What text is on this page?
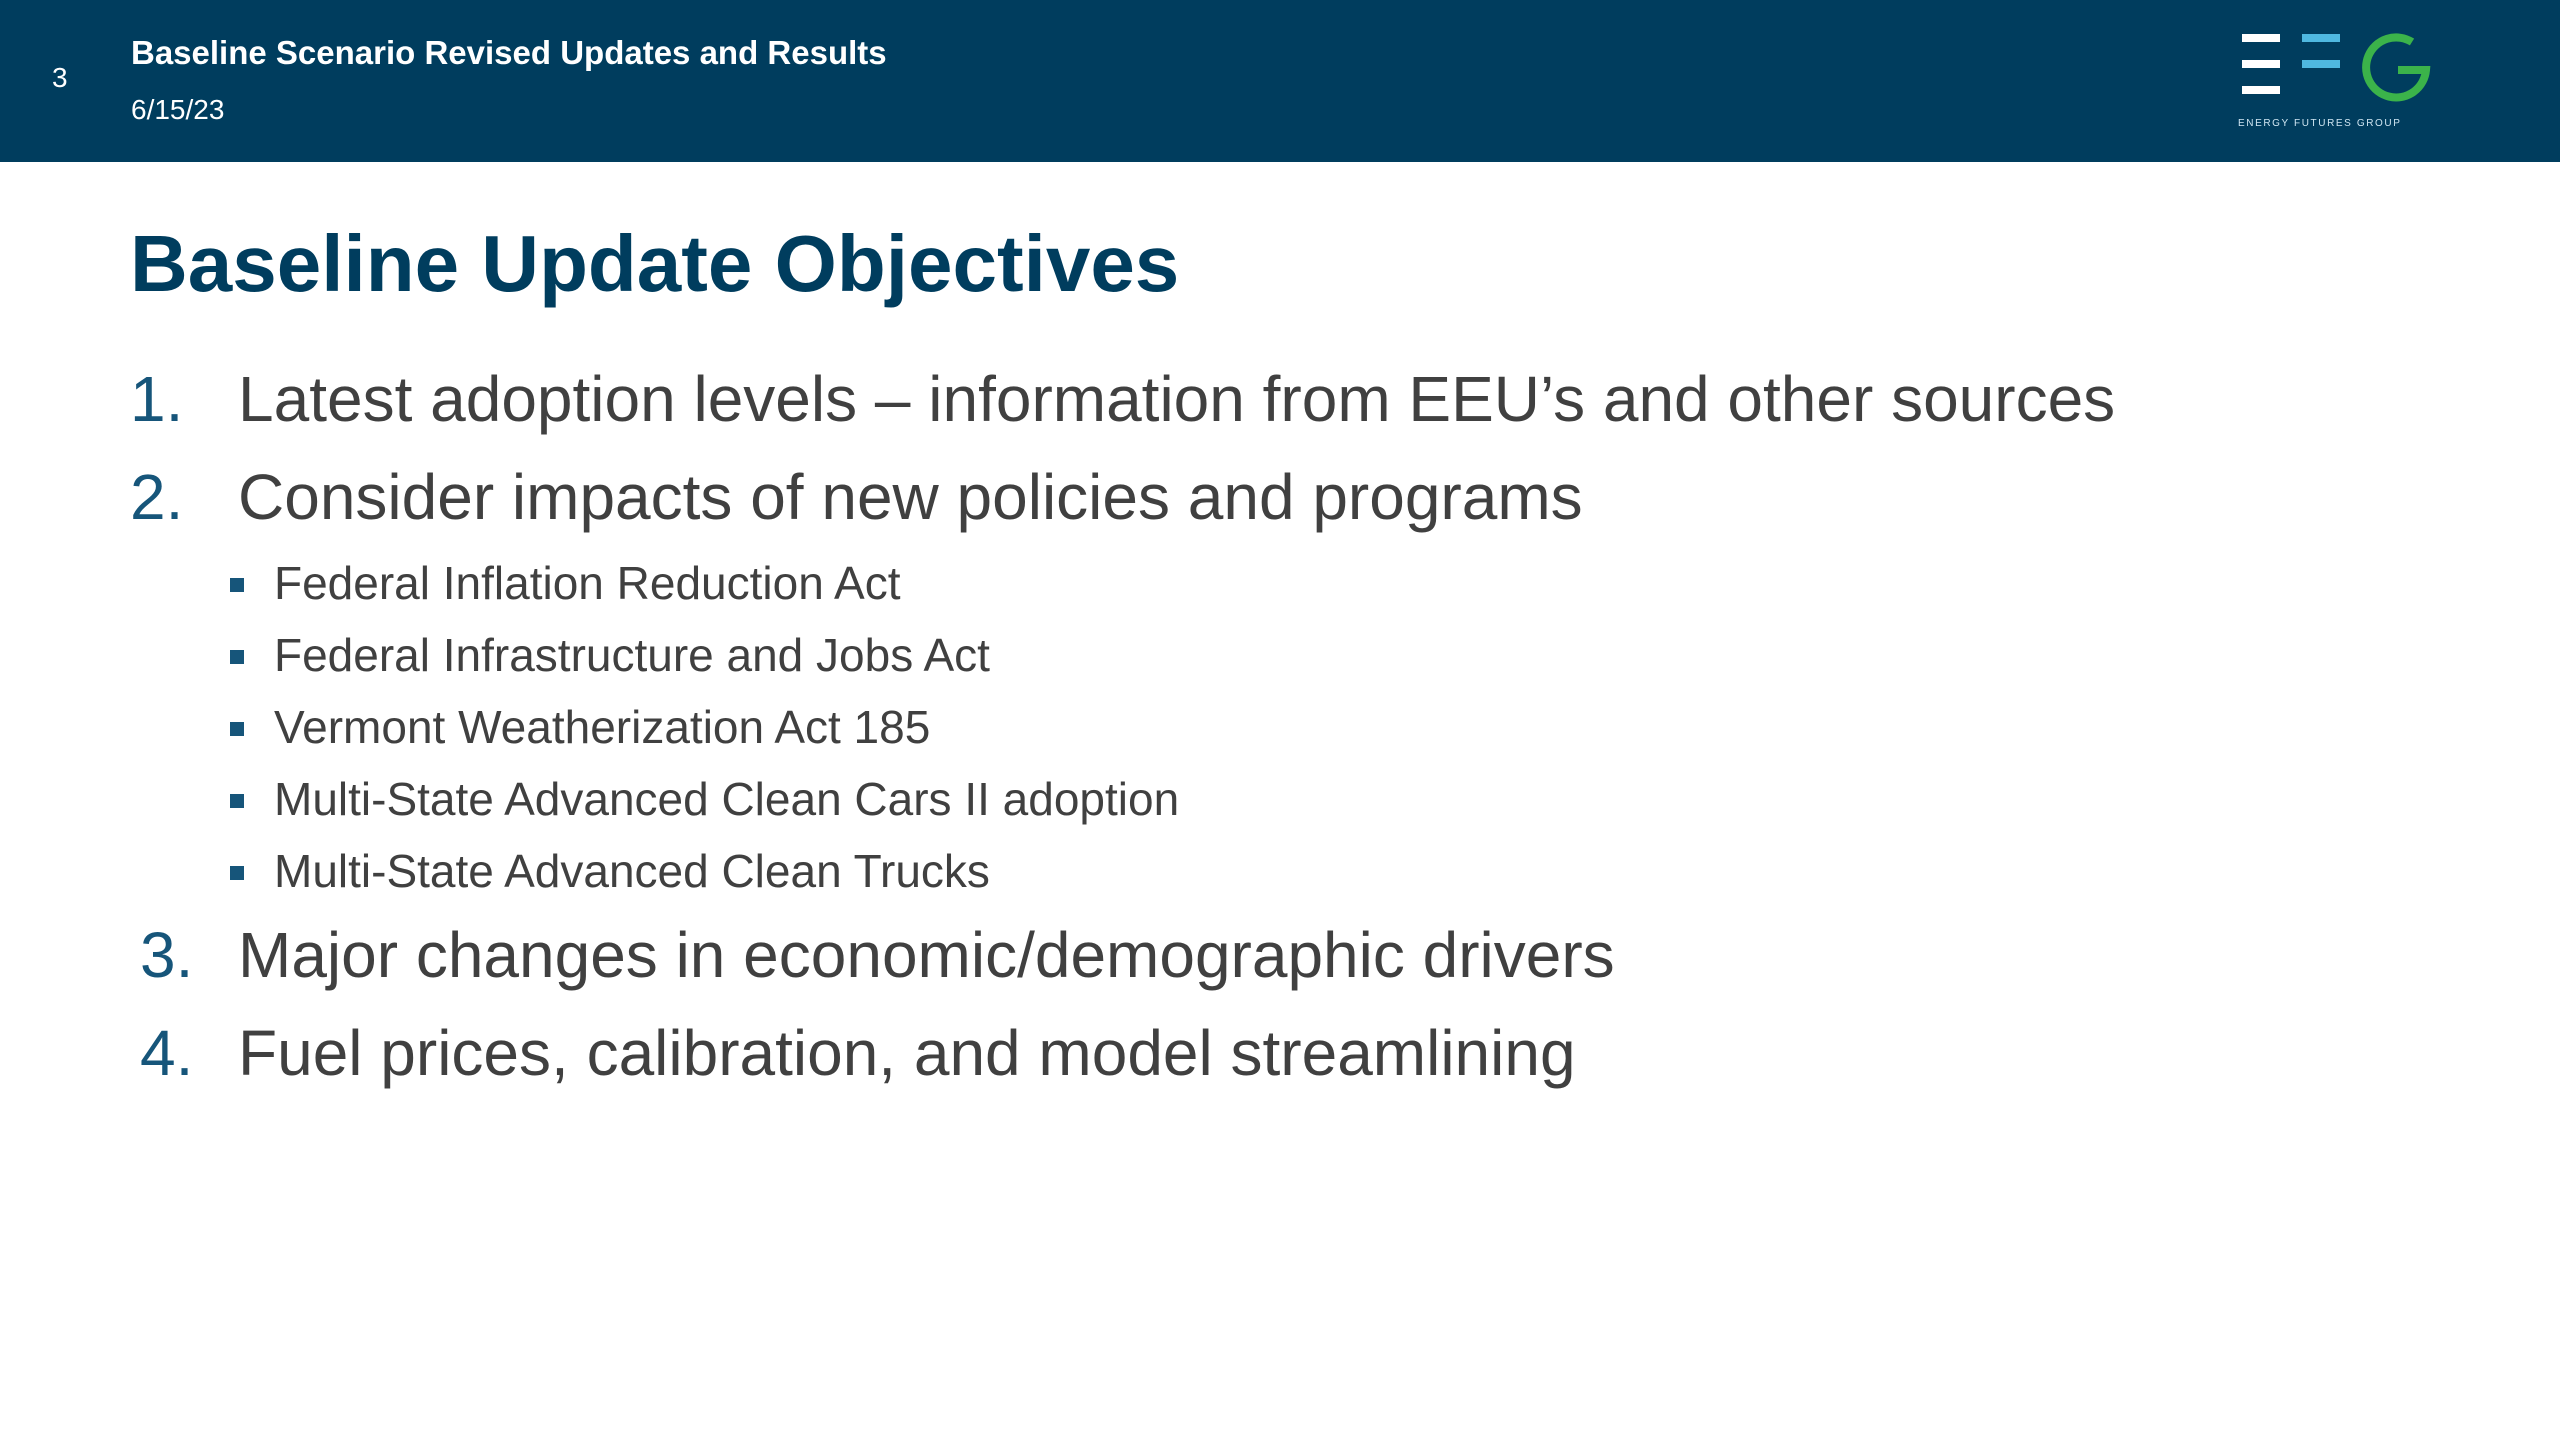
3
Baseline Scenario Revised Updates and Results
6/15/23	ENERGY FUTURES GROUP
Baseline Update Objectives
1. Latest adoption levels – information from EEU’s and other sources
2. Consider impacts of new policies and programs
Federal Inflation Reduction Act
Federal Infrastructure and Jobs Act
Vermont Weatherization Act 185
Multi-State Advanced Clean Cars II adoption
Multi-State Advanced Clean Trucks
3. Major changes in economic/demographic drivers
4. Fuel prices, calibration, and model streamlining
